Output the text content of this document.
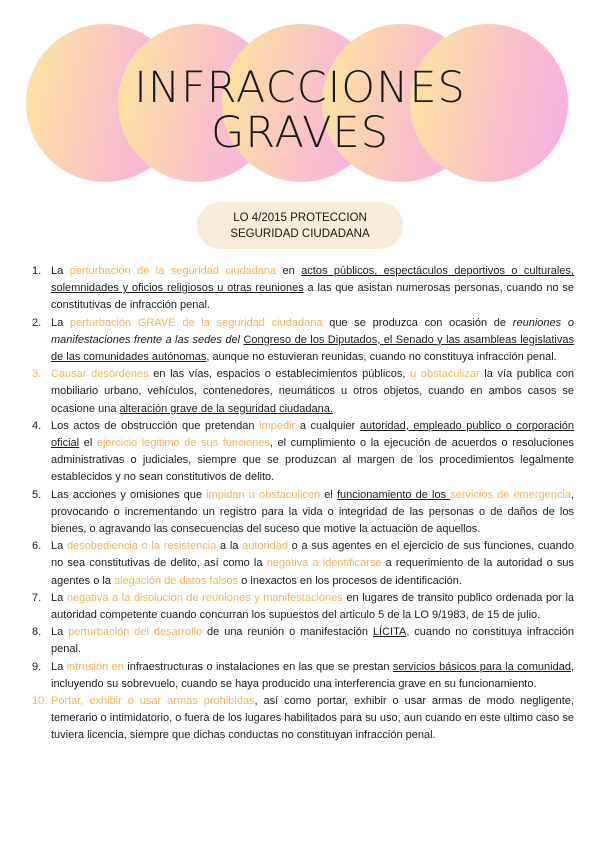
INFRACCIONES
GRAVES
LO 4/2015 PROTECCION
SEGURIDAD CIUDADANA
1. La perturbación de la seguridad ciudadana en actos públicos, espectáculos deportivos o culturales, solemnidades y oficios religiosos u otras reuniones a las que asistan numerosas personas, cuando no se constitutivas de infracción penal.
2. La perturbación GRAVE de la seguridad ciudadana que se produzca con ocasión de reuniones o manifestaciones frente a las sedes del Congreso de los Diputados, el Senado y las asambleas legislativas de las comunidades autónomas, aunque no estuvieran reunidas, cuando no constituya infracción penal.
3. Causar desórdenes en las vías, espacios o establecimientos públicos, u obstaculizar la vía publica con mobiliario urbano, vehículos, contenedores, neumáticos u otros objetos, cuando en ambos casos se ocasione una alteración grave de la seguridad ciudadana.
4. Los actos de obstrucción que pretendan impedir a cualquier autoridad, empleado publico o corporación oficial el ejercicio legitimo de sus funciones, el cumplimiento o la ejecución de acuerdos o resoluciones administrativas o judiciales, siempre que se produzcan al margen de los procedimientos legalmente establecidos y no sean constitutivos de delito.
5. Las acciones y omisiones que impidan u obstaculicen el funcionamiento de los servicios de emergencia, provocando o incrementando un registro para la vida o integridad de las personas o de daños de los bienes, o agravando las consecuencias del suceso que motive la actuación de aquellos.
6. La desobediencia o la resistencia a la autoridad o a sus agentes en el ejercicio de sus funciones, cuando no sea constitutivas de delito, así como la negativa a identificarse a requerimiento de la autoridad o sus agentes o la alegación de datos falsos o inexactos en los procesos de identificación.
7. La negativa a la disolución de reuniones y manifestaciones en lugares de transito publico ordenada por la autoridad competente cuando concurran los supuestos del articulo 5 de la LO 9/1983, de 15 de julio.
8. La perturbación del desarrollo de una reunión o manifestación LÍCITA, cuando no constituya infracción penal.
9. La intrusión en infraestructuras o instalaciones en las que se prestan servicios básicos para la comunidad, incluyendo su sobrevuelo, cuando se haya producido una interferencia grave en su funcionamiento.
10. Portar, exhibir o usar armas prohibidas, así como portar, exhibir o usar armas de modo negligente, temerario o intimidatorio, o fuera de los lugares habilitados para su uso, aun cuando en este ultimo caso se tuviera licencia, siempre que dichas conductas no constituyan infracción penal.
